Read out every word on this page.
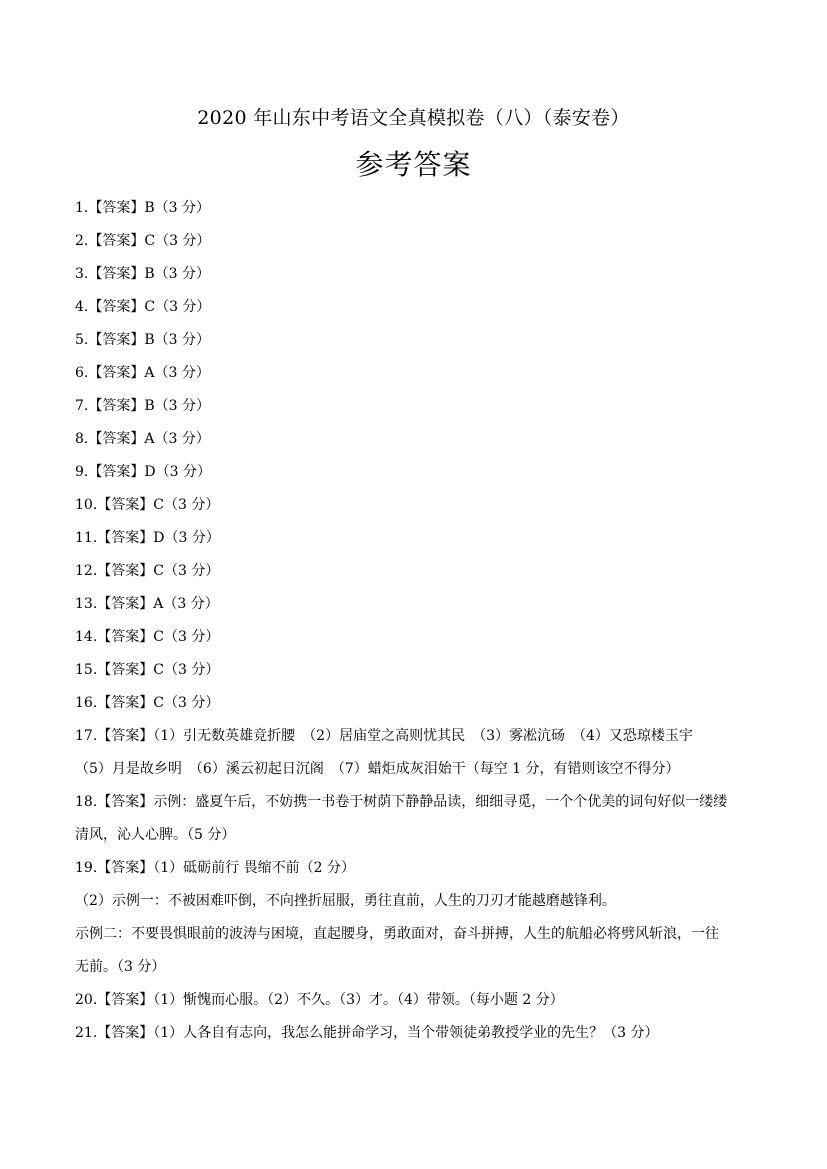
2020 年山东中考语文全真模拟卷（八）（泰安卷）
参考答案
1.【答案】B（3 分）
2.【答案】C（3 分）
3.【答案】B（3 分）
4.【答案】C（3 分）
5.【答案】B（3 分）
6.【答案】A（3 分）
7.【答案】B（3 分）
8.【答案】A（3 分）
9.【答案】D（3 分）
10.【答案】C（3 分）
11.【答案】D（3 分）
12.【答案】C（3 分）
13.【答案】A（3 分）
14.【答案】C（3 分）
15.【答案】C（3 分）
16.【答案】C（3 分）
17.【答案】（1）引无数英雄竞折腰　（2）居庙堂之高则忧其民　（3）雾凇沆砀　（4）又恐琼楼玉宇
（5）月是故乡明　（6）溪云初起日沉阁　（7）蜡炬成灰泪始干（每空 1 分，有错则该空不得分）
18.【答案】示例：盛夏午后，不妨携一书卷于树荫下静静品读，细细寻觅，一个个优美的词句好似一缕缕
清风，沁人心脾。（5 分）
19.【答案】（1）砥砺前行 畏缩不前（2 分）
（2）示例一：不被困难吓倒，不向挫折屈服，勇往直前，人生的刀刃才能越磨越锋利。
示例二：不要畏惧眼前的波涛与困境，直起腰身，勇敢面对，奋斗拼搏，人生的航船必将劈风斩浪，一往
无前。（3 分）
20.【答案】（1）惭愧而心服。（2）不久。（3）才。（4）带领。（每小题 2 分）
21.【答案】（1）人各自有志向，我怎么能拼命学习，当个带领徒弟教授学业的先生？（3 分）
